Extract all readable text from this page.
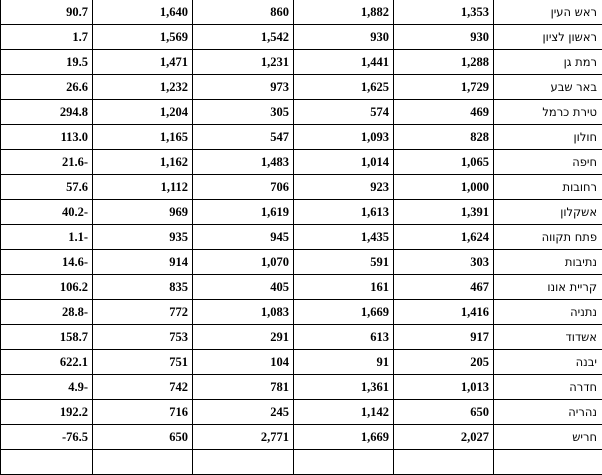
90.7	1,640	860	1,882	1,353	ראש העין
1.7	1,569	1,542	930	930	ראשון לציון
19.5	1,471	1,231	1,441	1,288	רמת גן
26.6	1,232	973	1,625	1,729	באר שבע
294.8	1,204	305	574	469	טירת כרמל
113.0	1,165	547	1,093	828	חולון
21.6-	1,162	1,483	1,014	1,065	חיפה
57.6	1,112	706	923	1,000	רחובות
40.2-	969	1,619	1,613	1,391	אשקלון
1.1-	935	945	1,435	1,624	פתח תקווה
14.6-	914	1,070	591	303	נתיבות
106.2	835	405	161	467	קריית אונו
28.8-	772	1,083	1,669	1,416	נתניה
158.7	753	291	613	917	אשדוד
622.1	751	104	91	205	יבנה
4.9-	742	781	1,361	1,013	חדרה
192.2	716	245	1,142	650	נהריה
-76.5	650	2,771	1,669	2,027	חריש
